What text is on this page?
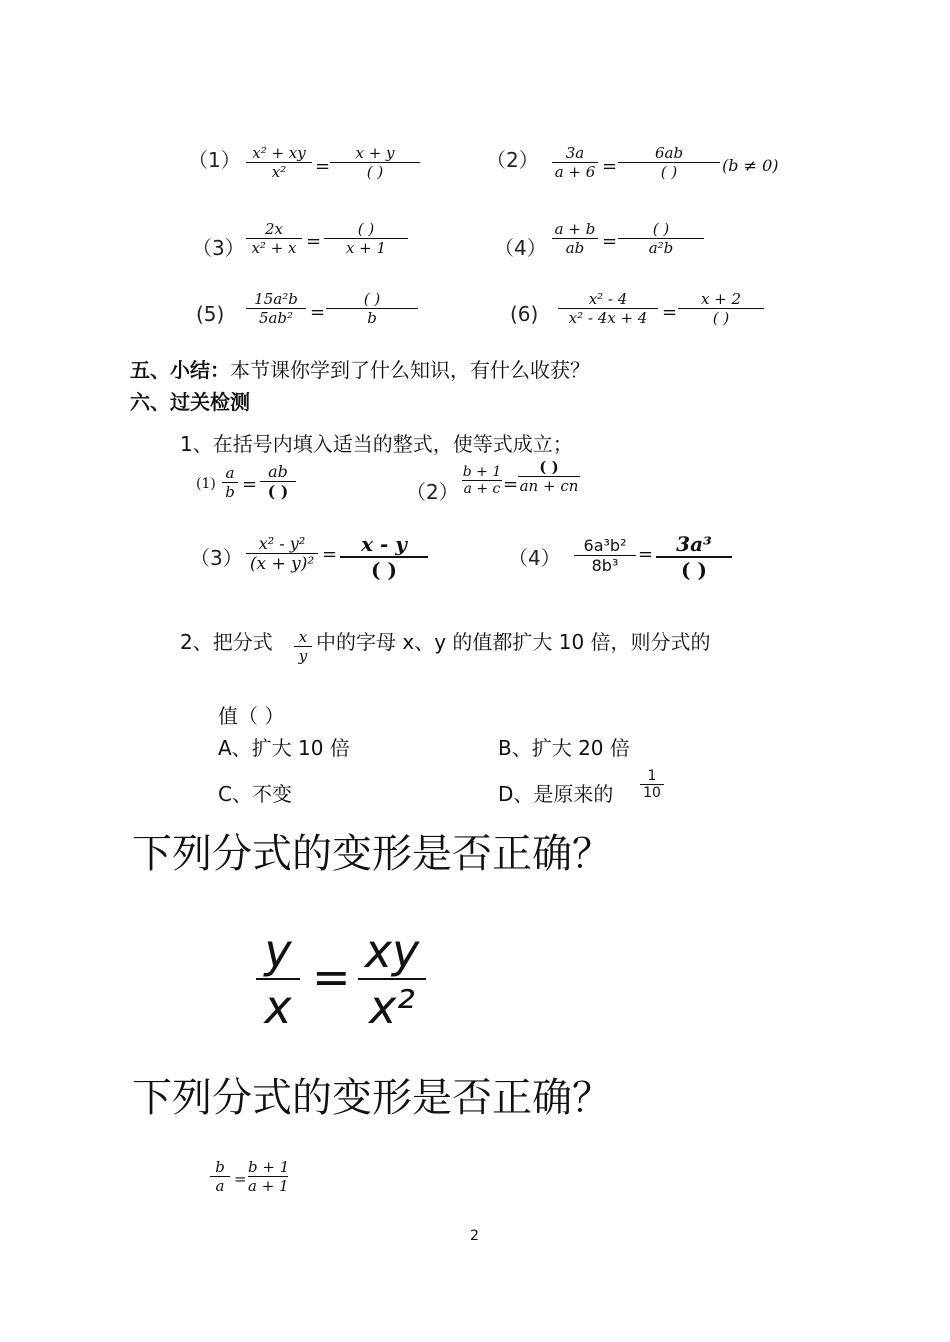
（1） x² + xy
x²	=
x + y
( )	（2）	3a
a + 6 =
6ab
( )	(b ≠ 0)
（3）
2x
x² + x =
( )
x + 1	（4）
a + b
ab =
( )
a²b
(5)
15a²b
5ab² =
( )
b	(6)
x² - 4
x² - 4x + 4 =
x + 2
( )
五、小结：本节课你学到了什么知识，有什么收获？
六、过关检测
1、在括号内填入适当的整式，使等式成立；
(1)
a
b =
ab
( )	（2）
b + 1
a + c =
( )
an + cn
（3）
x² - y²
(x + y)² =	x - y
( )	（4）
6a³b²
8b³
=	3a³
( )
2、把分式	x
y
中的字母 x、y 的值都扩大 10 倍，则分式的
值（ ）
A、扩大 10 倍	B、扩大 20 倍
C、不变	D、是原来的
1
10
下列分式的变形是否正确？
y
x
= xy
x²
下列分式的变形是否正确？
b
a =
b + 1
a + 1
2
